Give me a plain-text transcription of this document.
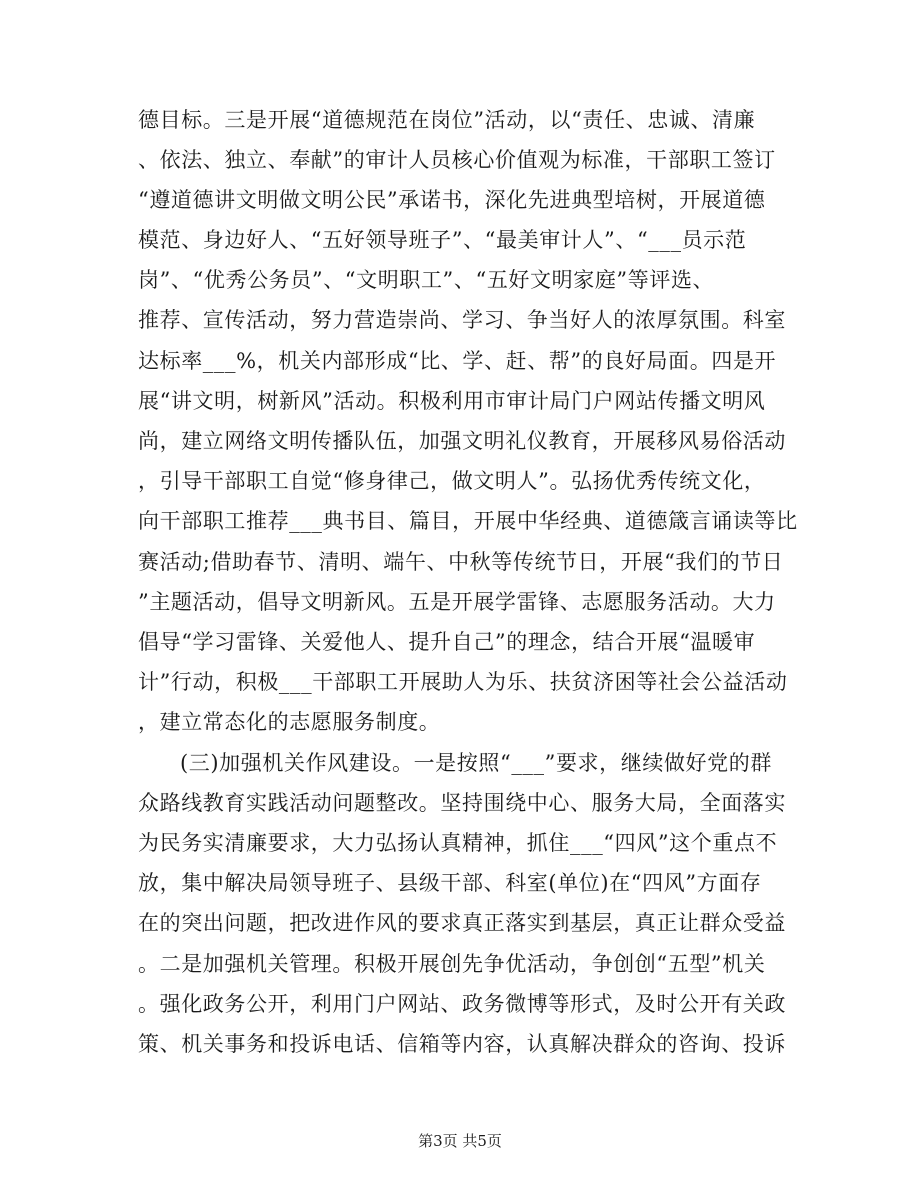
德目标。三是开展“道德规范在岗位”活动，以“责任、忠诚、清廉
、依法、独立、奉献”的审计人员核心价值观为标准，干部职工签订
“遵道德讲文明做文明公民”承诺书，深化先进典型培树，开展道德
模范、身边好人、“五好领导班子”、“最美审计人”、“___员示范
岗”、“优秀公务员”、“文明职工”、“五好文明家庭”等评选、
推荐、宣传活动，努力营造崇尚、学习、争当好人的浓厚氛围。科室
达标率___%，机关内部形成“比、学、赶、帮”的良好局面。四是开
展“讲文明，树新风”活动。积极利用市审计局门户网站传播文明风
尚，建立网络文明传播队伍，加强文明礼仪教育，开展移风易俗活动
，引导干部职工自觉“修身律己，做文明人”。弘扬优秀传统文化，
向干部职工推荐___典书目、篇目，开展中华经典、道德箴言诵读等比
赛活动;借助春节、清明、端午、中秋等传统节日，开展“我们的节日
”主题活动，倡导文明新风。五是开展学雷锋、志愿服务活动。大力
倡导“学习雷锋、关爱他人、提升自己”的理念，结合开展“温暖审
计”行动，积极___干部职工开展助人为乐、扶贫济困等社会公益活动
，建立常态化的志愿服务制度。
(三)加强机关作风建设。一是按照“___”要求，继续做好党的群
众路线教育实践活动问题整改。坚持围绕中心、服务大局，全面落实
为民务实清廉要求，大力弘扬认真精神，抓住___“四风”这个重点不
放，集中解决局领导班子、县级干部、科室(单位)在“四风”方面存
在的突出问题，把改进作风的要求真正落实到基层，真正让群众受益
。二是加强机关管理。积极开展创先争优活动，争创创“五型”机关
。强化政务公开，利用门户网站、政务微博等形式，及时公开有关政
策、机关事务和投诉电话、信箱等内容，认真解决群众的咨询、投诉
第3页 共5页
